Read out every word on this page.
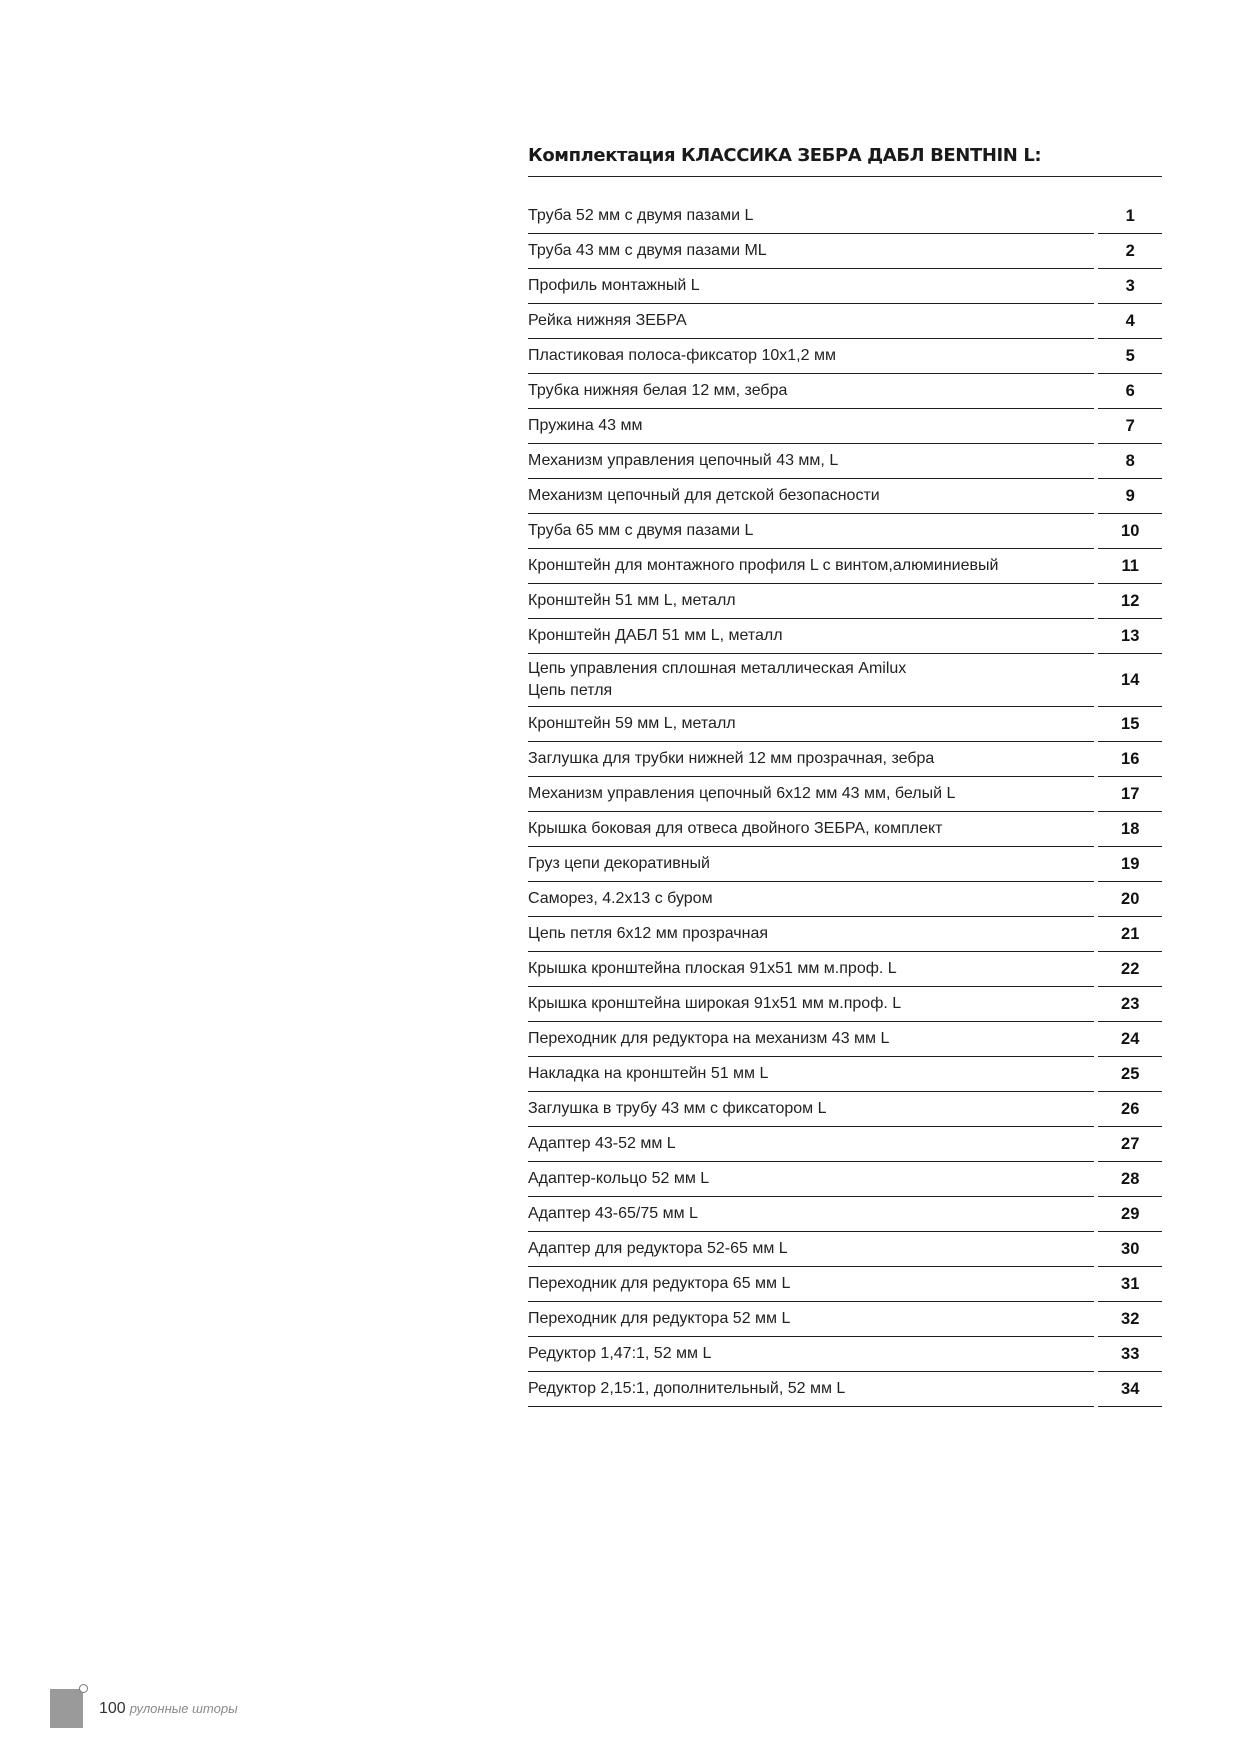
Комплектация КЛАССИКА ЗЕБРА ДАБЛ BENTHIN L:
Труба 52 мм с двумя пазами L	1
Труба 43 мм с двумя пазами ML	2
Профиль монтажный L	3
Рейка нижняя ЗЕБРА	4
Пластиковая полоса-фиксатор 10х1,2 мм	5
Трубка нижняя белая 12 мм, зебра	6
Пружина 43 мм	7
Механизм управления цепочный 43 мм, L	8
Механизм цепочный для детской безопасности	9
Труба 65 мм с двумя пазами L	10
Кронштейн для монтажного профиля L с винтом,алюминиевый	11
Кронштейн 51 мм L, металл	12
Кронштейн ДАБЛ 51 мм L, металл	13
Цепь управления сплошная металлическая Amilux
Цепь петля	14
Кронштейн 59 мм L, металл	15
Заглушка для трубки нижней 12 мм прозрачная, зебра	16
Механизм управления цепочный 6х12 мм 43 мм, белый L	17
Крышка боковая для отвеса двойного ЗЕБРА, комплект	18
Груз цепи декоративный	19
Саморез, 4.2х13 с буром	20
Цепь петля 6х12 мм прозрачная	21
Крышка кронштейна плоская 91х51 мм м.проф. L	22
Крышка кронштейна широкая 91х51 мм м.проф. L	23
Переходник для редуктора на механизм 43 мм L	24
Накладка на кронштейн 51 мм L	25
Заглушка в трубу 43 мм с фиксатором L	26
Адаптер 43-52 мм L	27
Адаптер-кольцо 52 мм L	28
Адаптер 43-65/75 мм L	29
Адаптер для редуктора 52-65 мм L	30
Переходник для редуктора 65 мм L	31
Переходник для редуктора 52 мм L	32
Редуктор 1,47:1, 52 мм L	33
Редуктор 2,15:1, дополнительный, 52 мм L	34
100 рулонные шторы
